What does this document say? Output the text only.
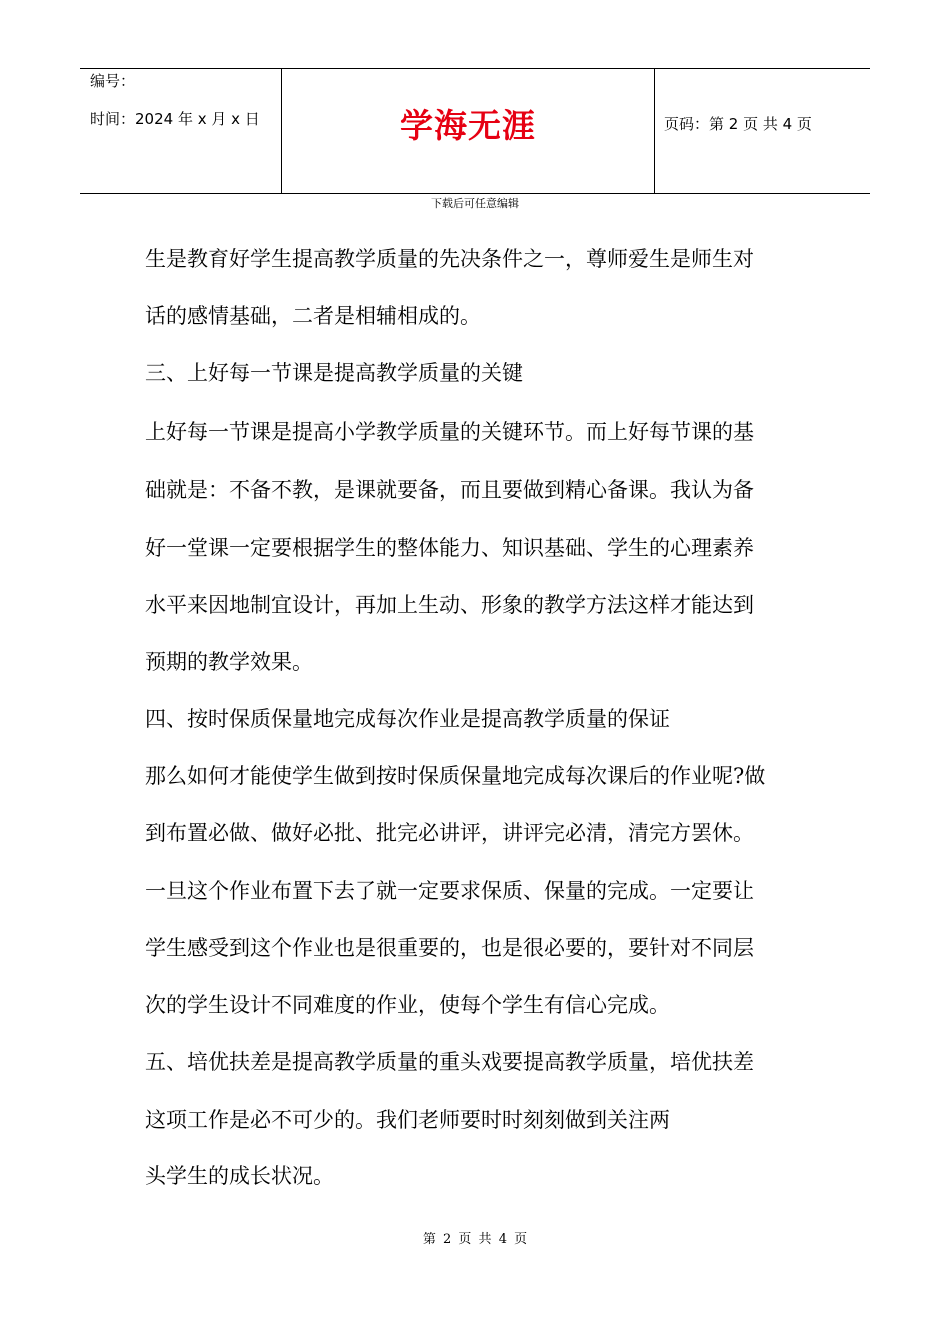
编号：
时间：2024 年 x 月 x 日	学海无涯	页码：第 2 页 共 4 页
下载后可任意编辑
生是教育好学生提高教学质量的先决条件之一，尊师爱生是师生对
话的感情基础，二者是相辅相成的。
三、上好每一节课是提高教学质量的关键
上好每一节课是提高小学教学质量的关键环节。而上好每节课的基
础就是：不备不教，是课就要备，而且要做到精心备课。我认为备
好一堂课一定要根据学生的整体能力、知识基础、学生的心理素养
水平来因地制宜设计，再加上生动、形象的教学方法这样才能达到
预期的教学效果。
四、按时保质保量地完成每次作业是提高教学质量的保证
那么如何才能使学生做到按时保质保量地完成每次课后的作业呢?做
到布置必做、做好必批、批完必讲评，讲评完必清，清完方罢休。
一旦这个作业布置下去了就一定要求保质、保量的完成。一定要让
学生感受到这个作业也是很重要的，也是很必要的，要针对不同层
次的学生设计不同难度的作业，使每个学生有信心完成。
五、培优扶差是提高教学质量的重头戏要提高教学质量，培优扶差
这项工作是必不可少的。我们老师要时时刻刻做到关注两
头学生的成长状况。
第 2 页 共 4 页
